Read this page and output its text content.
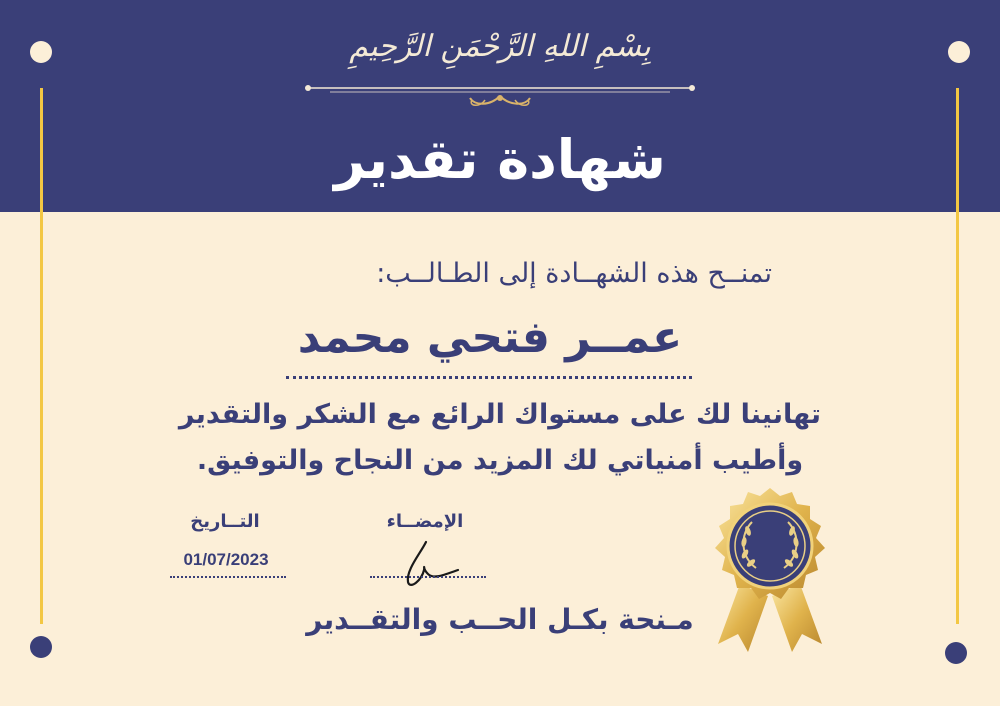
بِسْمِ اللهِ الرَّحْمَنِ الرَّحِيمِ
شهادة تقدير
تمنــح هذه الشهــادة إلى الطـالــب:
عمــر فتحي محمد
تهانينا لك على مستواك الرائع مع الشكر والتقدير
وأطيب أمنياتي لك المزيد من النجاح والتوفيق.
التــاريخ
01/07/2023
الإمضــاء
مـنحة بكـل الحــب والتقــدير
